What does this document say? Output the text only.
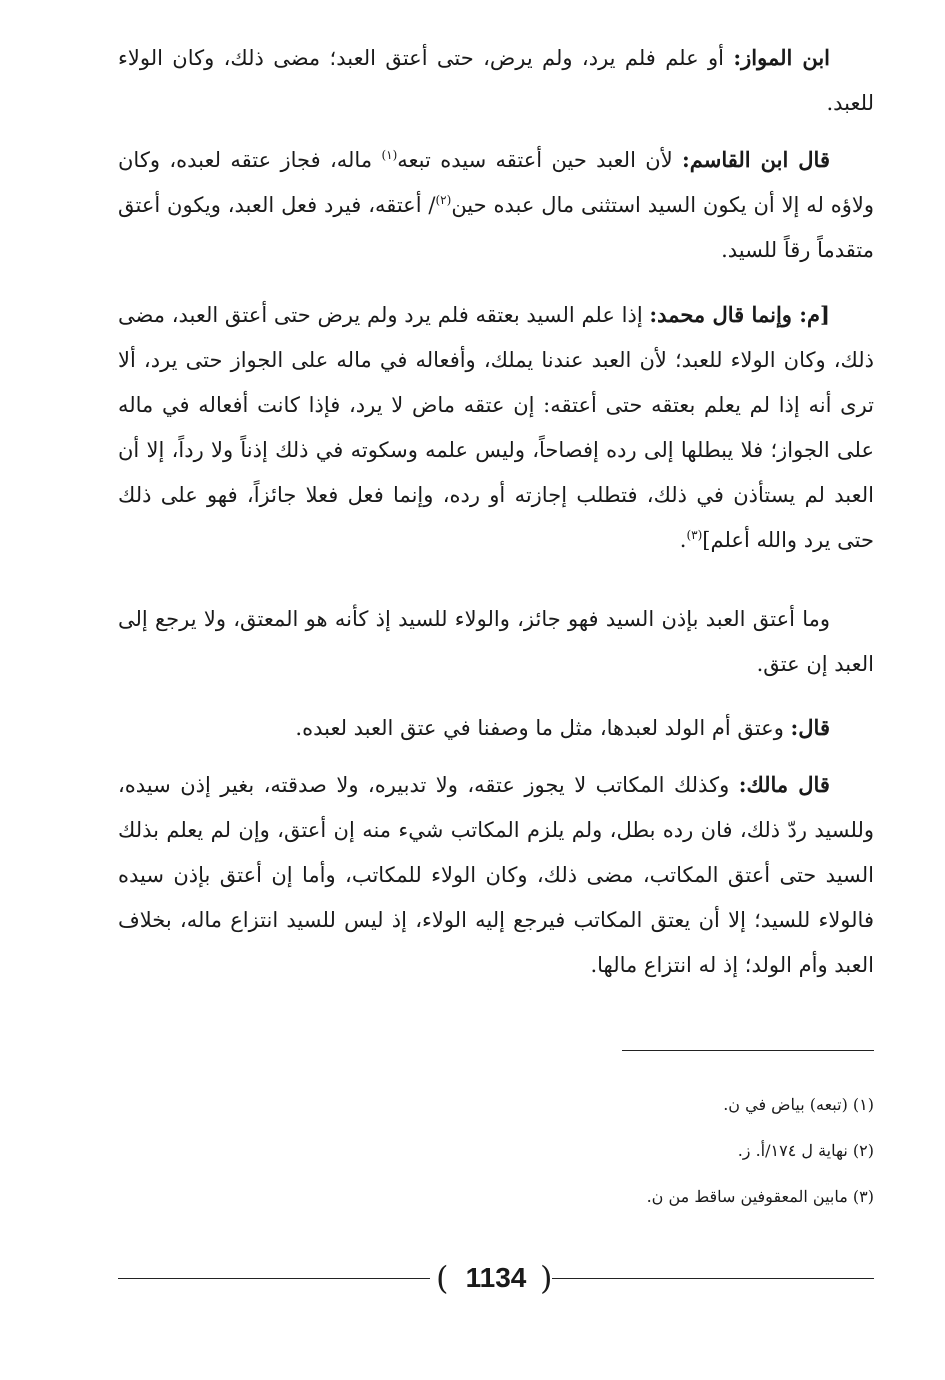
ابن المواز: أو علم فلم يرد، ولم يرض، حتى أعتق العبد؛ مضى ذلك، وكان الولاء للعبد.

قال ابن القاسم: لأن العبد حين أعتقه سيده تبعه$^{(١)}$ ماله، فجاز عتقه لعبده، وكان ولاؤه له إلا أن يكون السيد استثنى مال عبده حين$^{(٢)}$/ أعتقه، فيرد فعل العبد، ويكون أعتق متقدماً رقاً للسيد.

[م: وإنما قال محمد: إذا علم السيد بعتقه فلم يرد ولم يرض حتى أعتق العبد، مضى ذلك، وكان الولاء للعبد؛ لأن العبد عندنا يملك، وأفعاله في ماله على الجواز حتى يرد، ألا ترى أنه إذا لم يعلم بعتقه حتى أعتقه: إن عتقه ماض لا يرد، فإذا كانت أفعاله في ماله على الجواز؛ فلا يبطلها إلى رده إفصاحاً، وليس علمه وسكوته في ذلك إذناً ولا رداً، إلا أن العبد لم يستأذن في ذلك، فتطلب إجازته أو رده، وإنما فعل فعلا جائزاً، فهو على ذلك حتى يرد والله أعلم]$^{(٣)}$.

وما أعتق العبد بإذن السيد فهو جائز، والولاء للسيد إذ كأنه هو المعتق، ولا يرجع إلى العبد إن عتق.

قال: وعتق أم الولد لعبدها، مثل ما وصفنا في عتق العبد لعبده.

قال مالك: وكذلك المكاتب لا يجوز عتقه، ولا تدبيره، ولا صدقته، بغير إذن سيده، وللسيد ردّ ذلك، فان رده بطل، ولم يلزم المكاتب شيء منه إن أعتق، وإن لم يعلم بذلك السيد حتى أعتق المكاتب، مضى ذلك، وكان الولاء للمكاتب، وأما إن أعتق بإذن سيده فالولاء للسيد؛ إلا أن يعتق المكاتب فيرجع إليه الولاء، إذ ليس للسيد انتزاع ماله، بخلاف العبد وأم الولد؛ إذ له انتزاع مالها.

(١) (تبعه) بياض في ن.

(٢) نهاية ل ١٧٤/أ. ز.

(٣) مابين المعقوفين ساقط من ن.

( 1134 )
